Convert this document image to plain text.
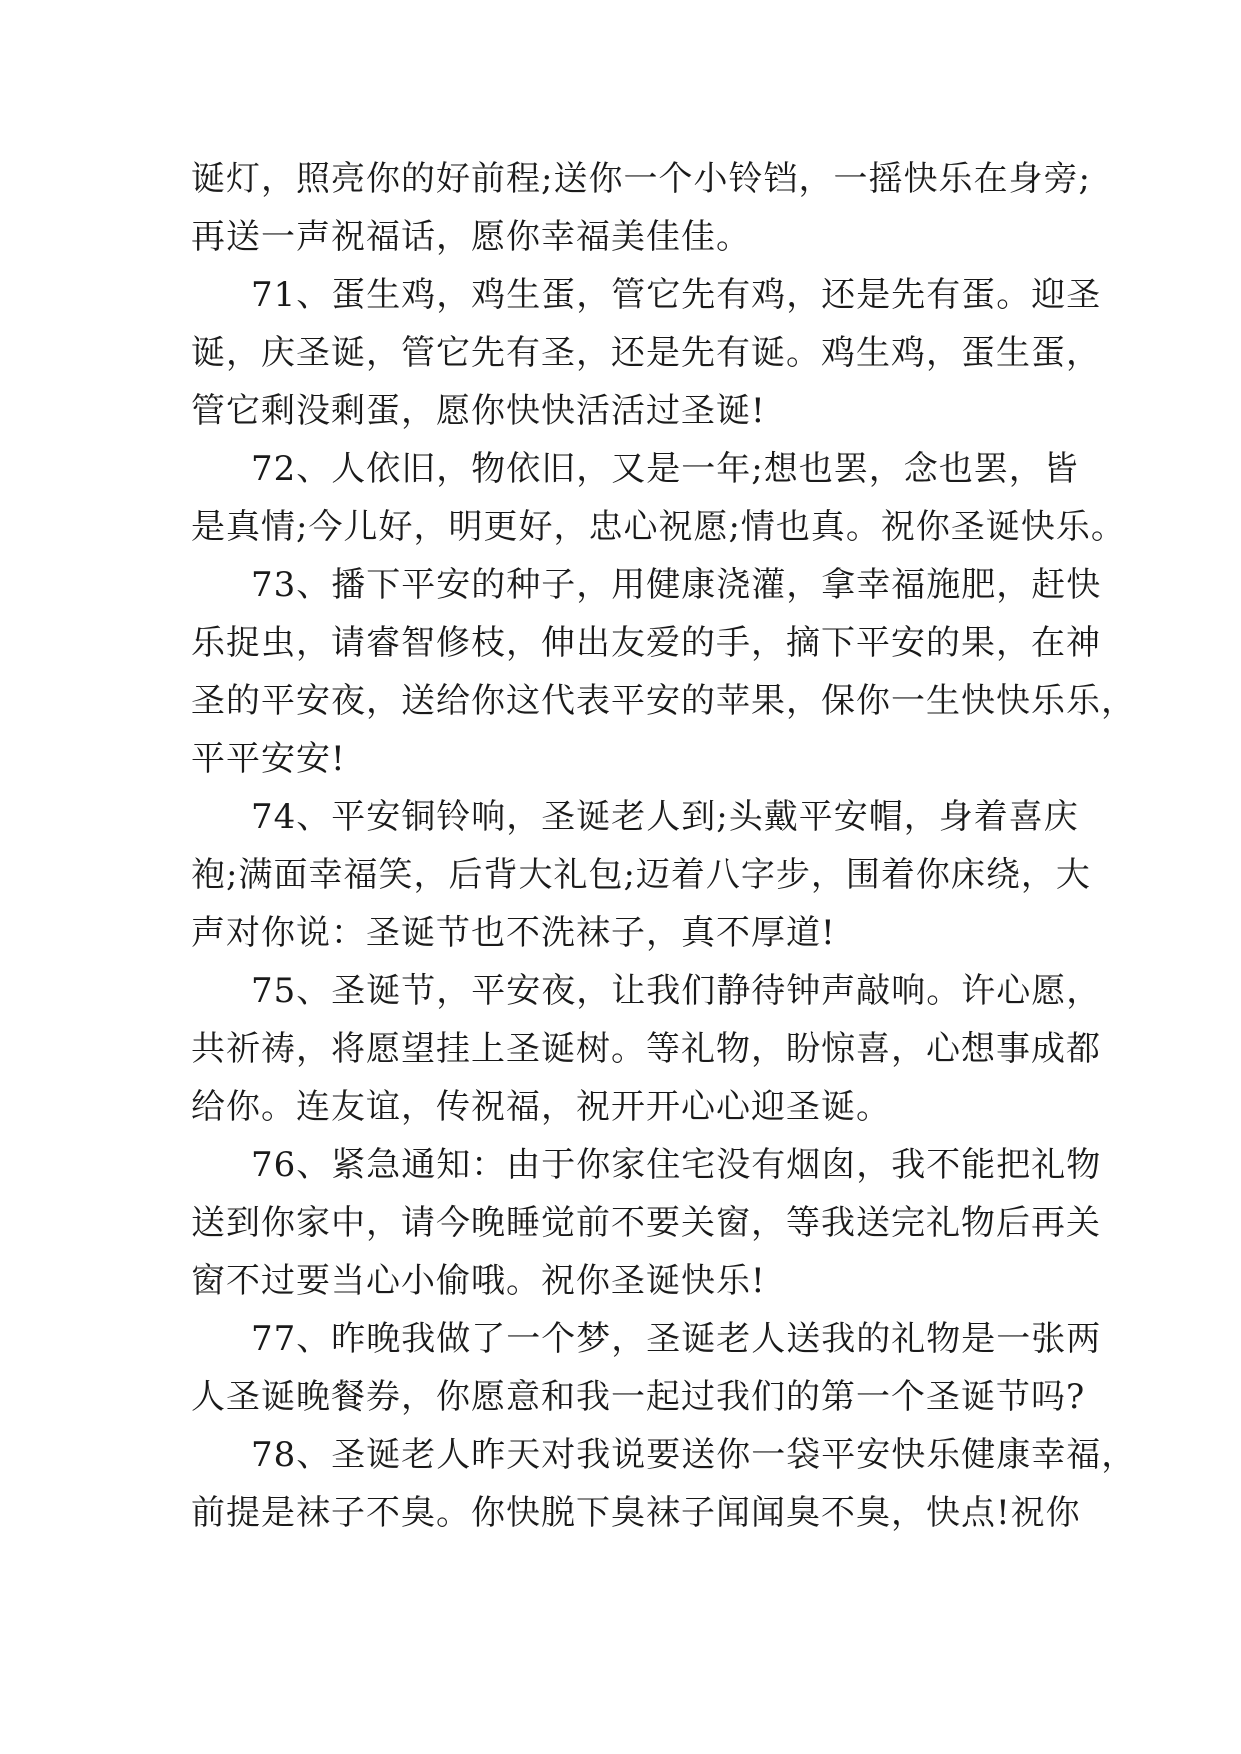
诞灯，照亮你的好前程;送你一个小铃铛，一摇快乐在身旁;
再送一声祝福话，愿你幸福美佳佳。

71、蛋生鸡，鸡生蛋，管它先有鸡，还是先有蛋。迎圣
诞，庆圣诞，管它先有圣，还是先有诞。鸡生鸡，蛋生蛋，
管它剩没剩蛋，愿你快快活活过圣诞!

72、人依旧，物依旧，又是一年;想也罢，念也罢，皆
是真情;今儿好，明更好，忠心祝愿;情也真。祝你圣诞快乐。

73、播下平安的种子，用健康浇灌，拿幸福施肥，赶快
乐捉虫，请睿智修枝，伸出友爱的手，摘下平安的果，在神
圣的平安夜，送给你这代表平安的苹果，保你一生快快乐乐，
平平安安!

74、平安铜铃响，圣诞老人到;头戴平安帽，身着喜庆
袍;满面幸福笑，后背大礼包;迈着八字步，围着你床绕，大
声对你说：圣诞节也不洗袜子，真不厚道!

75、圣诞节，平安夜，让我们静待钟声敲响。许心愿，
共祈祷，将愿望挂上圣诞树。等礼物，盼惊喜，心想事成都
给你。连友谊，传祝福，祝开开心心迎圣诞。

76、紧急通知：由于你家住宅没有烟囱，我不能把礼物
送到你家中，请今晚睡觉前不要关窗，等我送完礼物后再关
窗不过要当心小偷哦。祝你圣诞快乐!

77、昨晚我做了一个梦，圣诞老人送我的礼物是一张两
人圣诞晚餐券，你愿意和我一起过我们的第一个圣诞节吗?

78、圣诞老人昨天对我说要送你一袋平安快乐健康幸福，
前提是袜子不臭。你快脱下臭袜子闻闻臭不臭，快点!祝你
